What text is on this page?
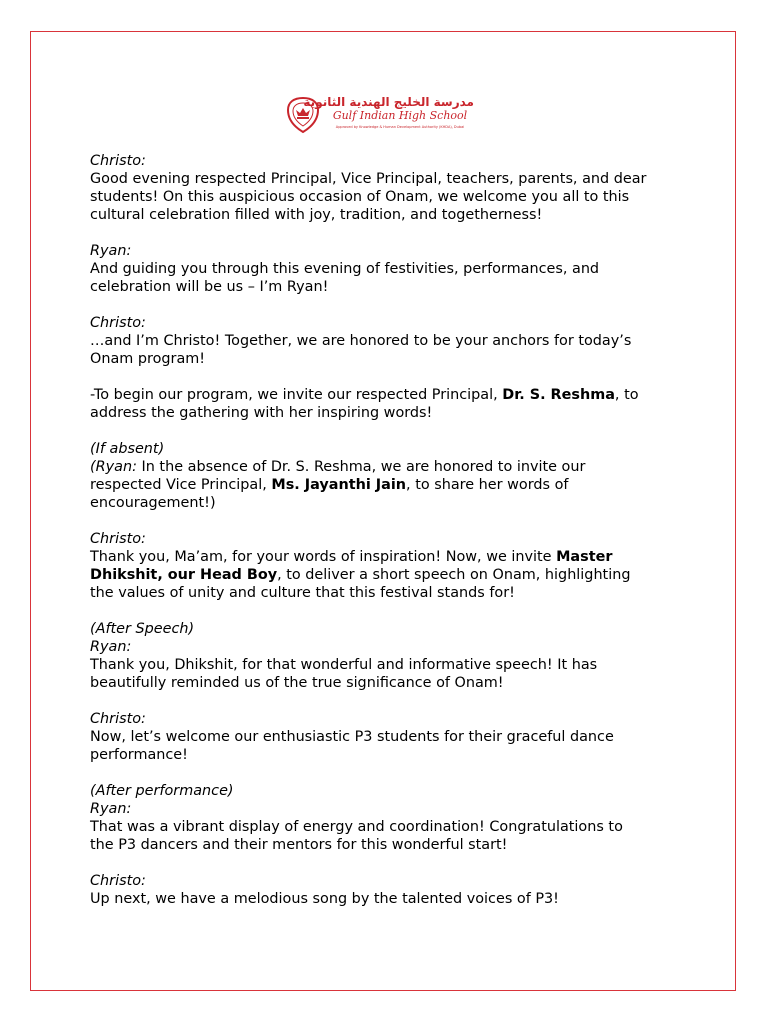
مدرسة الخليج الهندية الثانوية
Gulf Indian High School
Approved by Knowledge & Human Development Authority (KHDA), Dubai
Christo:
Good evening respected Principal, Vice Principal, teachers, parents, and dear
students! On this auspicious occasion of Onam, we welcome you all to this
cultural celebration filled with joy, tradition, and togetherness!
Ryan:
And guiding you through this evening of festivities, performances, and
celebration will be us – I’m Ryan!
Christo:
…and I’m Christo! Together, we are honored to be your anchors for today’s
Onam program!
-To begin our program, we invite our respected Principal, Dr. S. Reshma, to
address the gathering with her inspiring words!
(If absent)
(Ryan: In the absence of Dr. S. Reshma, we are honored to invite our
respected Vice Principal, Ms. Jayanthi Jain, to share her words of
encouragement!)
Christo:
Thank you, Ma’am, for your words of inspiration! Now, we invite Master
Dhikshit, our Head Boy, to deliver a short speech on Onam, highlighting
the values of unity and culture that this festival stands for!
(After Speech)
Ryan:
Thank you, Dhikshit, for that wonderful and informative speech! It has
beautifully reminded us of the true significance of Onam!
Christo:
Now, let’s welcome our enthusiastic P3 students for their graceful dance
performance!
(After performance)
Ryan:
That was a vibrant display of energy and coordination! Congratulations to
the P3 dancers and their mentors for this wonderful start!
Christo:
Up next, we have a melodious song by the talented voices of P3!
